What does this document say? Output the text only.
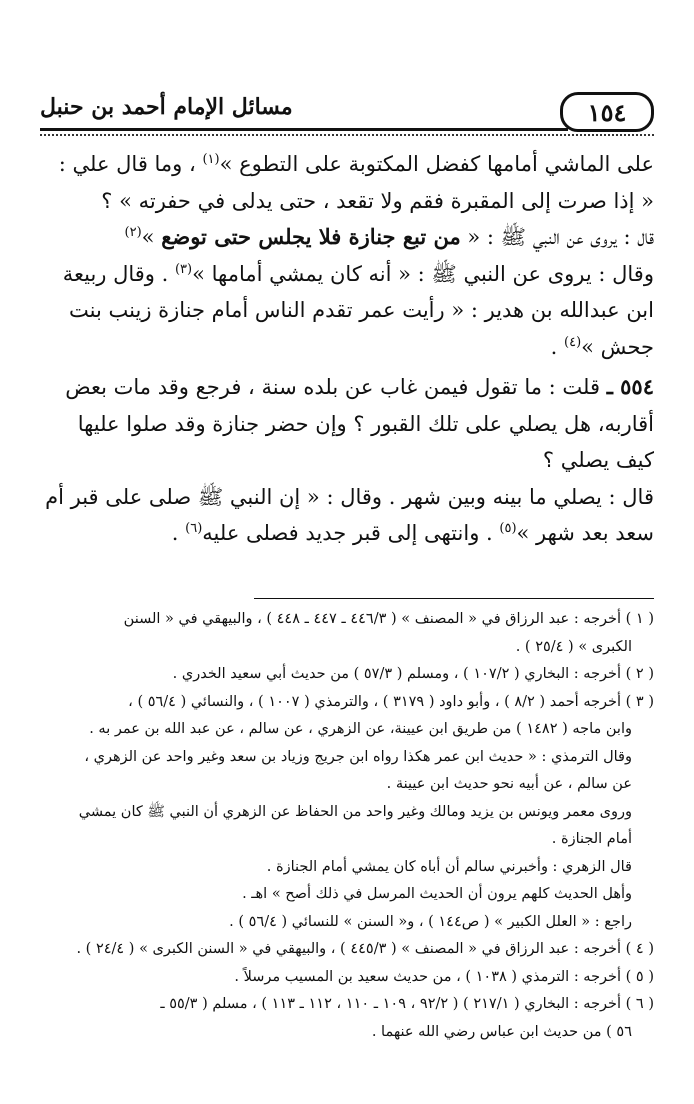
١٥٤
مسائل الإمام أحمد بن حنبل

على الماشي أمامها كفضل المكتوبة على التطوع »$^{(١)}$ ، وما قال علي :

« إذا صرت إلى المقبرة فقم ولا تقعد ، حتى يدلى في حفرته » ؟

قال : يروى عن النبي ﷺ : « من تبع جنازة فلا يجلس حتى توضع »$^{(٢)}$

وقال : يروى عن النبي ﷺ : « أنه كان يمشي أمامها »$^{(٣)}$ . وقال ربيعة

ابن عبدالله بن هدير : « رأيت عمر تقدم الناس أمام جنازة زينب بنت

جحش »$^{(٤)}$ .

٥٥٤ ـ قلت : ما تقول فيمن غاب عن بلده سنة ، فرجع وقد مات بعض

أقاربه، هل يصلي على تلك القبور ؟ وإن حضر جنازة وقد صلوا عليها

كيف يصلي ؟

قال : يصلي ما بينه وبين شهر . وقال : « إن النبي ﷺ صلى على قبر أم

سعد بعد شهر »$^{(٥)}$ . وانتهى إلى قبر جديد فصلى عليه$^{(٦)}$ .

( ١ ) أخرجه : عبد الرزاق في « المصنف » ( ٤٤٦/٣ ـ ٤٤٧ ـ ٤٤٨ ) ، والبيهقي في « السنن

الكبرى » ( ٢٥/٤ ) .

( ٢ ) أخرجه : البخاري ( ١٠٧/٢ ) ، ومسلم ( ٥٧/٣ ) من حديث أبي سعيد الخدري .

( ٣ ) أخرجه أحمد ( ٨/٢ ) ، وأبو داود ( ٣١٧٩ ) ، والترمذي ( ١٠٠٧ ) ، والنسائي ( ٥٦/٤ ) ،

وابن ماجه ( ١٤٨٢ ) من طريق ابن عيينة، عن الزهري ، عن سالم ، عن عبد الله بن عمر به .

وقال الترمذي : « حديث ابن عمر هكذا رواه ابن جريج وزياد بن سعد وغير واحد عن الزهري ،

عن سالم ، عن أبيه نحو حديث ابن عيينة .

وروى معمر ويونس بن يزيد ومالك وغير واحد من الحفاظ عن الزهري أن النبي ﷺ كان يمشي

أمام الجنازة .

قال الزهري : وأخبرني سالم أن أباه كان يمشي أمام الجنازة .

وأهل الحديث كلهم يرون أن الحديث المرسل في ذلك أصح » اهـ .

راجع : « العلل الكبير » ( ص١٤٤ ) ، و« السنن » للنسائي ( ٥٦/٤ ) .

( ٤ ) أخرجه : عبد الرزاق في « المصنف » ( ٤٤٥/٣ ) ، والبيهقي في « السنن الكبرى » ( ٢٤/٤ ) .

( ٥ ) أخرجه : الترمذي ( ١٠٣٨ ) ، من حديث سعيد بن المسيب مرسلاً .

( ٦ ) أخرجه : البخاري ( ٢١٧/١ ) ( ٩٢/٢ ، ١٠٩ ـ ١١٠ ، ١١٢ ـ ١١٣ ) ، مسلم ( ٥٥/٣ ـ

٥٦ ) من حديث ابن عباس رضي الله عنهما .
